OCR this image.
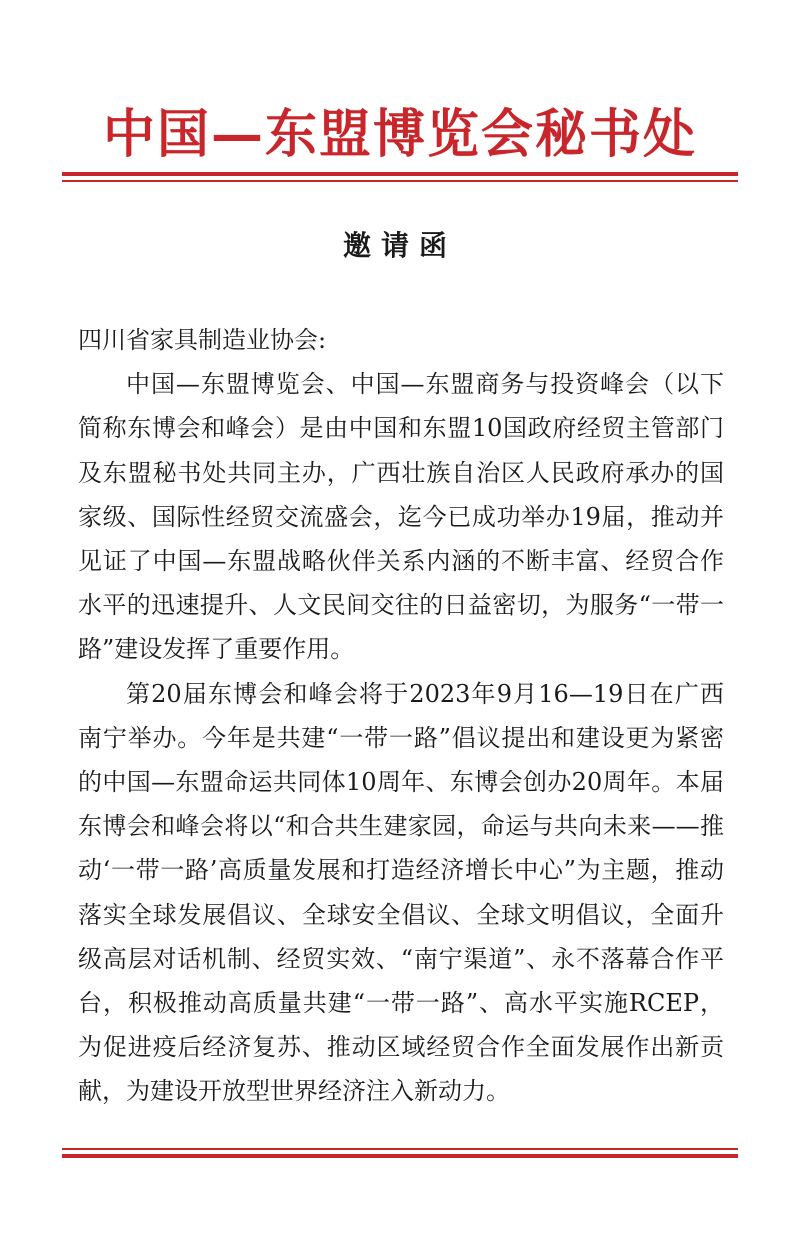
中国—东盟博览会秘书处
邀请函

四川省家具制造业协会:

中国—东盟博览会、中国—东盟商务与投资峰会（以下简称东博会和峰会）是由中国和东盟10国政府经贸主管部门及东盟秘书处共同主办，广西壮族自治区人民政府承办的国家级、国际性经贸交流盛会，迄今已成功举办19届，推动并见证了中国—东盟战略伙伴关系内涵的不断丰富、经贸合作水平的迅速提升、人文民间交往的日益密切，为服务“一带一路”建设发挥了重要作用。

第20届东博会和峰会将于2023年9月16—19日在广西南宁举办。今年是共建“一带一路”倡议提出和建设更为紧密的中国—东盟命运共同体10周年、东博会创办20周年。本届东博会和峰会将以“和合共生建家园，命运与共向未来——推动‘一带一路’高质量发展和打造经济增长中心”为主题，推动落实全球发展倡议、全球安全倡议、全球文明倡议，全面升级高层对话机制、经贸实效、“南宁渠道”、永不落幕合作平台，积极推动高质量共建“一带一路”、高水平实施RCEP，为促进疫后经济复苏、推动区域经贸合作全面发展作出新贡献，为建设开放型世界经济注入新动力。
